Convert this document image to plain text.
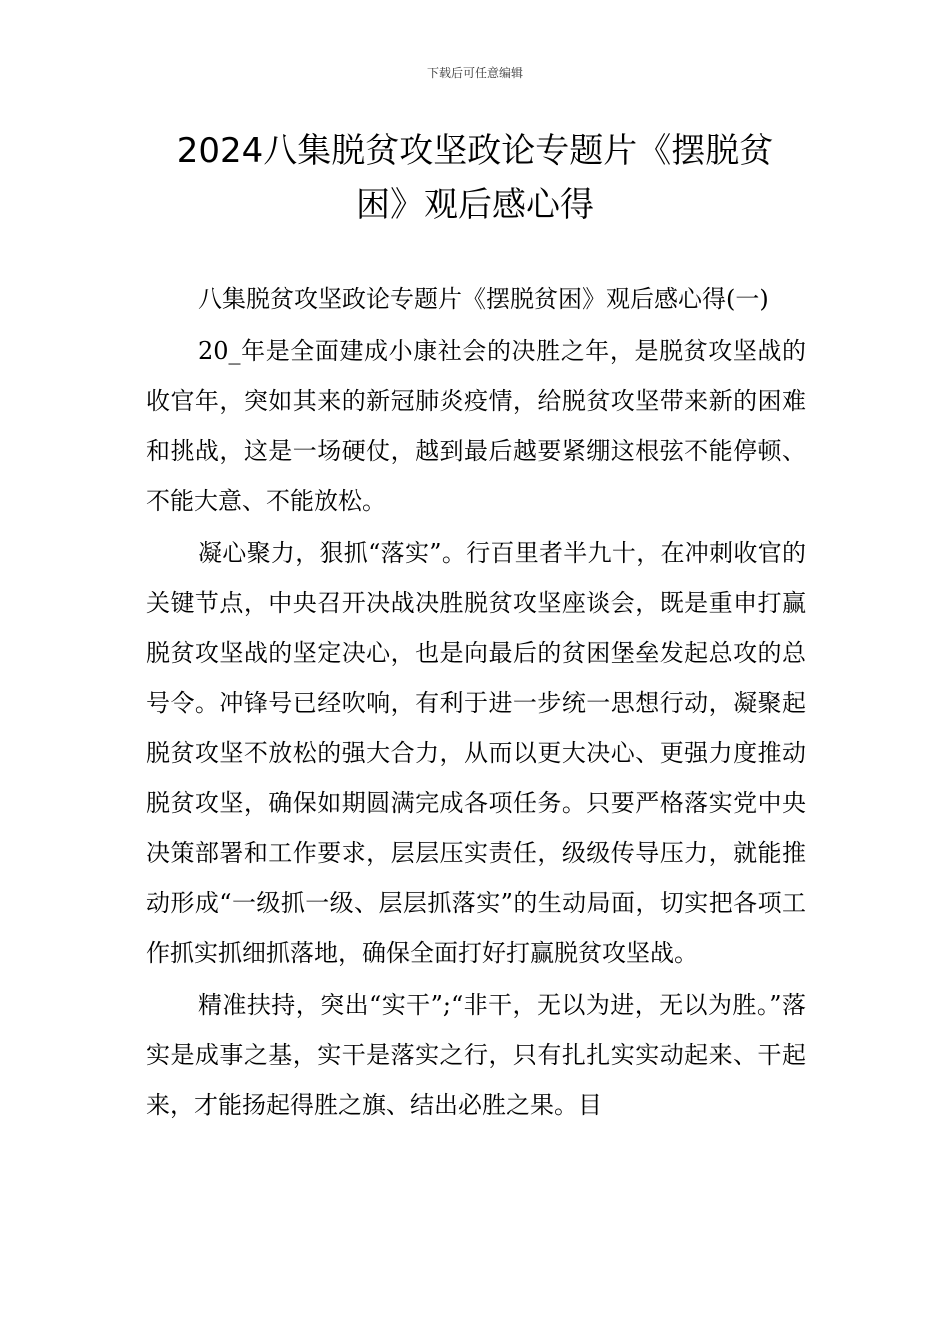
下载后可任意编辑
2024八集脱贫攻坚政论专题片《摆脱贫
困》观后感心得

八集脱贫攻坚政论专题片《摆脱贫困》观后感心得(一)

20_年是全面建成小康社会的决胜之年，是脱贫攻坚战的收官年，突如其来的新冠肺炎疫情，给脱贫攻坚带来新的困难和挑战，这是一场硬仗，越到最后越要紧绷这根弦不能停顿、不能大意、不能放松。

凝心聚力，狠抓“落实”。行百里者半九十，在冲刺收官的关键节点，中央召开决战决胜脱贫攻坚座谈会，既是重申打赢脱贫攻坚战的坚定决心，也是向最后的贫困堡垒发起总攻的总号令。冲锋号已经吹响，有利于进一步统一思想行动，凝聚起脱贫攻坚不放松的强大合力，从而以更大决心、更强力度推动脱贫攻坚，确保如期圆满完成各项任务。只要严格落实党中央决策部署和工作要求，层层压实责任，级级传导压力，就能推动形成“一级抓一级、层层抓落实”的生动局面，切实把各项工作抓实抓细抓落地，确保全面打好打赢脱贫攻坚战。

精准扶持，突出“实干”;“非干，无以为进，无以为胜。”落实是成事之基，实干是落实之行，只有扎扎实实动起来、干起来，才能扬起得胜之旗、结出必胜之果。目
